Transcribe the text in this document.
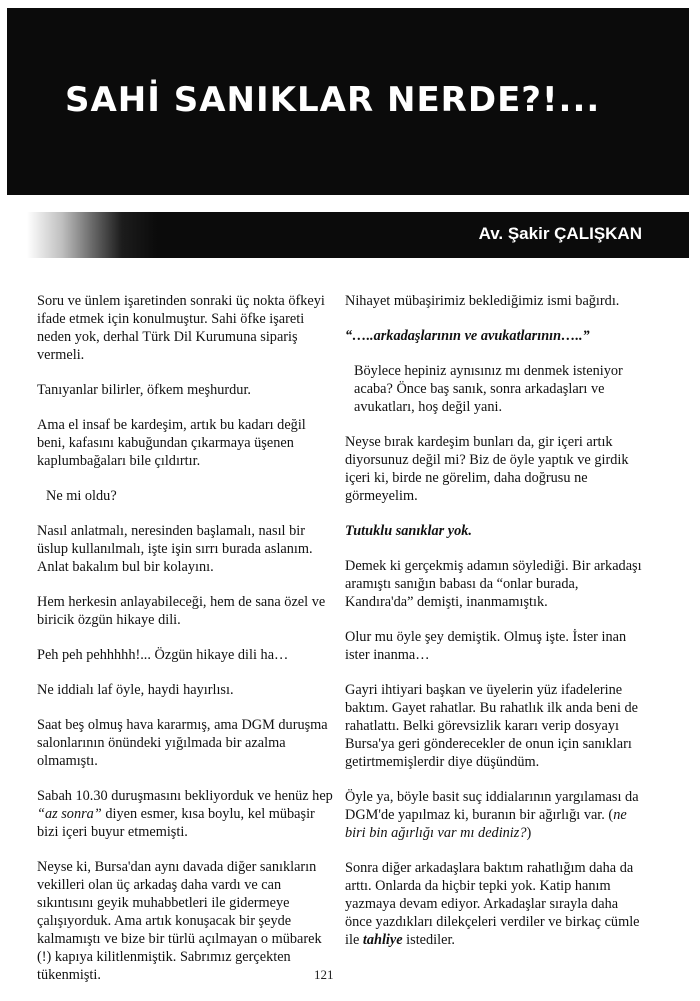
SAHİ SANIKLAR NERDE?!...
Av. Şakir ÇALIŞKAN

Soru ve ünlem işaretinden sonraki üç nokta öfkeyi ifade etmek için konulmuştur. Sahi öfke işareti neden yok, derhal Türk Dil Kurumuna sipariş vermeli.

Tanıyanlar bilirler, öfkem meşhurdur.

Ama el insaf be kardeşim, artık bu kadarı değil beni, kafasını kabuğundan çıkarmaya üşenen kaplumbağaları bile çıldırtır.

Ne mi oldu?

Nasıl anlatmalı, neresinden başlamalı, nasıl bir üslup kullanılmalı, işte işin sırrı burada aslanım. Anlat bakalım bul bir kolayını.

Hem herkesin anlayabileceği, hem de sana özel ve biricik özgün hikaye dili.

Peh peh pehhhhh!... Özgün hikaye dili ha…

Ne iddialı laf öyle, haydi hayırlısı.

Saat beş olmuş hava kararmış, ama DGM duruşma salonlarının önündeki yığılmada bir azalma olmamıştı.

Sabah 10.30 duruşmasını bekliyorduk ve henüz hep
“az sonra” diyen esmer, kısa boylu, kel mübaşir bizi içeri buyur etmemişti.

Neyse ki, Bursa'dan aynı davada diğer sanıkların vekilleri olan üç arkadaş daha vardı ve can sıkıntısını geyik muhabbetleri ile gidermeye çalışıyorduk. Ama artık konuşacak bir şeyde kalmamıştı ve bize bir türlü açılmayan o mübarek (!) kapıya kilitlenmiştik. Sabrımız gerçekten tükenmişti.

Nihayet mübaşirimiz beklediğimiz ismi bağırdı.

“…..arkadaşlarının ve avukatlarının…..”

Böylece hepiniz aynısınız mı denmek isteniyor acaba? Önce baş sanık, sonra arkadaşları ve avukatları, hoş değil yani.

Neyse bırak kardeşim bunları da, gir içeri artık diyorsunuz değil mi? Biz de öyle yaptık ve girdik içeri ki, birde ne görelim, daha doğrusu ne görmeyelim.

Tutuklu sanıklar yok.

Demek ki gerçekmiş adamın söylediği. Bir arkadaşı aramıştı sanığın babası da “onlar burada, Kandıra'da” demişti, inanmamıştık.

Olur mu öyle şey demiştik. Olmuş işte. İster inan ister inanma…

Gayri ihtiyari başkan ve üyelerin yüz ifadelerine baktım. Gayet rahatlar. Bu rahatlık ilk anda beni de rahatlattı. Belki görevsizlik kararı verip dosyayı Bursa'ya geri gönderecekler de onun için sanıkları getirtmemişlerdir diye düşündüm.

Öyle ya, böyle basit suç iddialarının yargılaması da DGM'de yapılmaz ki, buranın bir ağırlığı var. (ne biri bin ağırlığı var mı dediniz?)

Sonra diğer arkadaşlara baktım rahatlığım daha da arttı. Onlarda da hiçbir tepki yok. Katip hanım yazmaya devam ediyor. Arkadaşlar sırayla daha önce yazdıkları dilekçeleri verdiler ve birkaç cümle ile tahliye istediler.

121
